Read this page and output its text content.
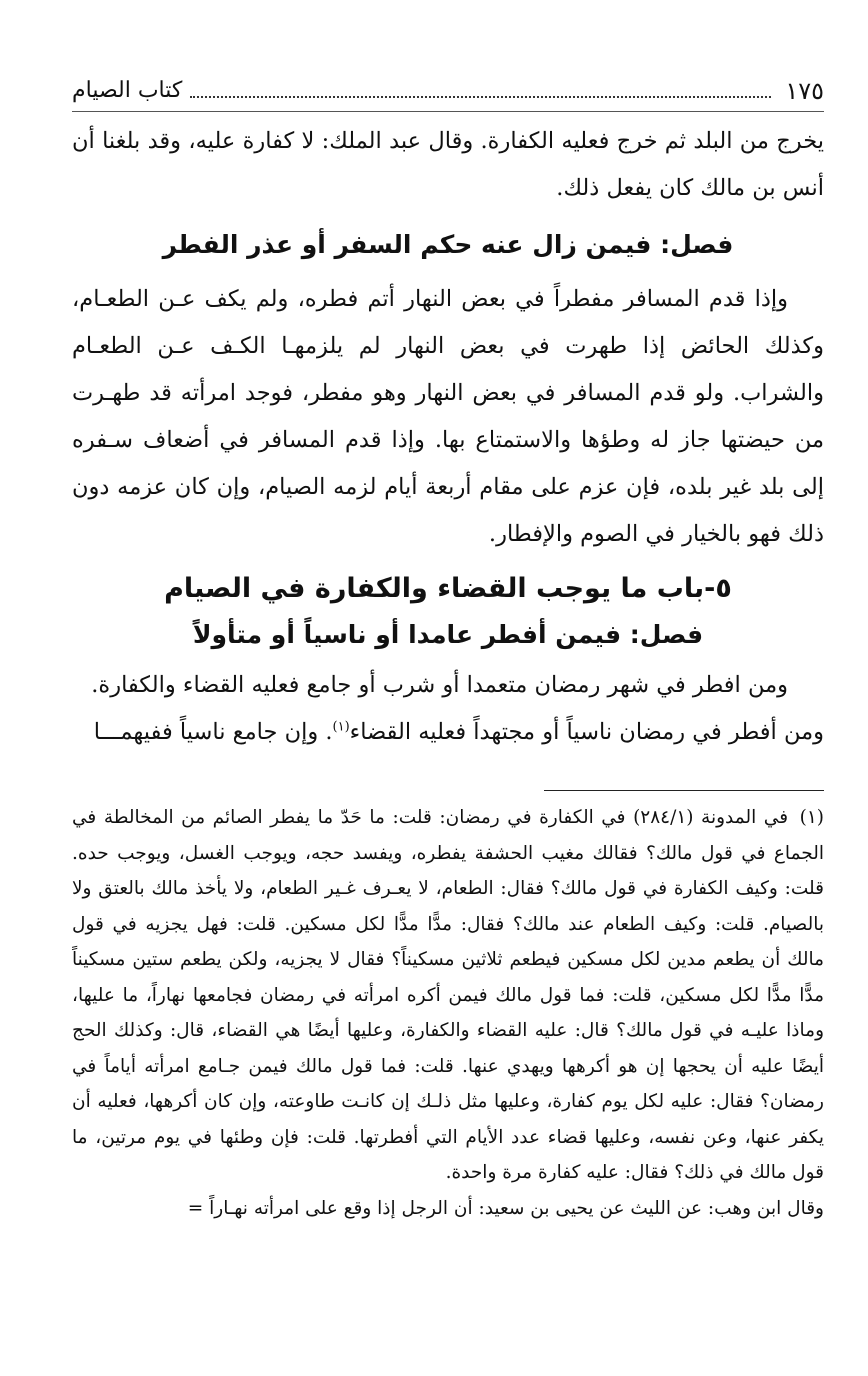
١٧٥
كتاب الصيام

يخرج من البلد ثم خرج فعليه الكفارة. وقال عبد الملك: لا كفارة عليه، وقد بلغنا أن أنس بن مالك كان يفعل ذلك.

فصل: فيمن زال عنه حكم السفر أو عذر الفطر

وإذا قدم المسافر مفطراً في بعض النهار أتم فطره، ولم يكف عـن الطعـام، وكذلك الحائض إذا طهرت في بعض النهار لم يلزمهـا الكـف عـن الطعـام والشراب. ولو قدم المسافر في بعض النهار وهو مفطر، فوجد امرأته قد طهـرت من حيضتها جاز له وطؤها والاستمتاع بها. وإذا قدم المسافر في أضعاف سـفره إلى بلد غير بلده، فإن عزم على مقام أربعة أيام لزمه الصيام، وإن كان عزمه دون ذلك فهو بالخيار في الصوم والإفطار.

٥-باب ما يوجب القضاء والكفارة في الصيام
فصل: فيمن أفطر عامدا أو ناسياً أو متأولاً

ومن افطر في شهر رمضان متعمدا أو شرب أو جامع فعليه القضاء والكفارة.

ومن أفطر في رمضان ناسياً أو مجتهداً فعليه القضاء$^{(١)}$. وإن جامع ناسياً ففيهمـــا

(١) في المدونة (٢٨٤/١) في الكفارة في رمضان: قلت: ما حَدّ ما يفطر الصائم من المخالطة في الجماع في قول مالك؟ فقالك مغيب الحشفة يفطره، ويفسد حجه، ويوجب الغسل، ويوجب حده. قلت: وكيف الكفارة في قول مالك؟ فقال: الطعام، لا يعـرف غـير الطعام، ولا يأخذ مالك بالعتق ولا بالصيام. قلت: وكيف الطعام عند مالك؟ فقال: مدًّا مدًّا لكل مسكين. قلت: فهل يجزيه في قول مالك أن يطعم مدين لكل مسكين فيطعم ثلاثين مسكيناً؟ فقال لا يجزيه، ولكن يطعم ستين مسكيناً مدًّا مدًّا لكل مسكين، قلت: فما قول مالك فيمن أكره امرأته في رمضان فجامعها نهاراً، ما عليها، وماذا عليـه في قول مالك؟ قال: عليه القضاء والكفارة، وعليها أيضًا هي القضاء، قال: وكذلك الحج أيضًا عليه أن يحجها إن هو أكرهها ويهدي عنها. قلت: فما قول مالك فيمن جـامع امرأته أياماً في رمضان؟ فقال: عليه لكل يوم كفارة، وعليها مثل ذلـك إن كانـت طاوعته، وإن كان أكرهها، فعليه أن يكفر عنها، وعن نفسه، وعليها قضاء عدد الأيام التي أفطرتها. قلت: فإن وطئها في يوم مرتين، ما قول مالك في ذلك؟ فقال: عليه كفارة مرة واحدة.

وقال ابن وهب: عن الليث عن يحيى بن سعيد: أن الرجل إذا وقع على امرأته نهـاراً =
